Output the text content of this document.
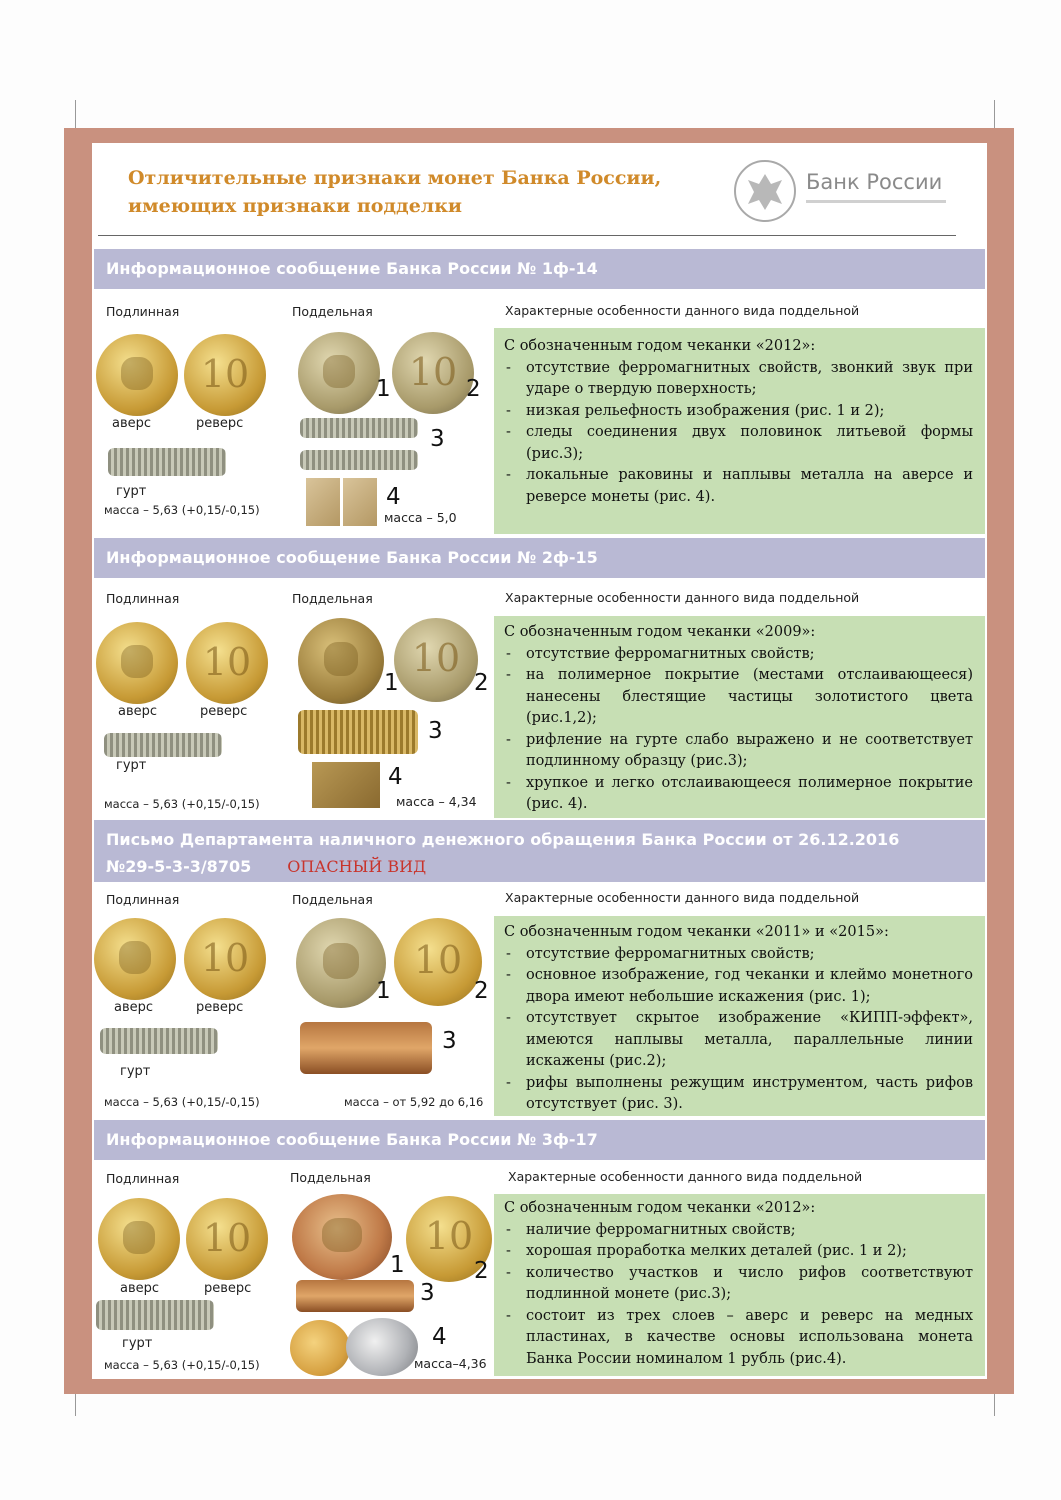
Отличительные признаки монет Банка России,
имеющих признаки подделки
Банк России
Информационное сообщение Банка России № 1ф-14
Подлинная	Поддельная	Характерные особенности данного вида поддельной
10
аверс	реверс
гурт
масса – 5,63 (+0,15/-0,15)
10
1	2
3
4
масса – 5,0
С обозначенным годом чеканки «2012»:
- отсутствие ферромагнитных свойств, звонкий звук при ударе о твердую поверхность;
- низкая рельефность изображения (рис. 1 и 2);
- следы соединения двух половинок литьевой формы (рис.3);
- локальные раковины и наплывы металла на аверсе и реверсе монеты (рис. 4).
Информационное сообщение Банка России № 2ф-15
Подлинная	Поддельная	Характерные особенности данного вида поддельной
10
аверс	реверс
гурт
масса – 5,63 (+0,15/-0,15)
10
1	2
3
4
масса – 4,34
С обозначенным годом чеканки «2009»:
- отсутствие ферромагнитных свойств;
- на полимерное покрытие (местами отслаивающееся) нанесены блестящие частицы золотистого цвета (рис.1,2);
- рифление на гурте слабо выражено и не соответствует подлинному образцу (рис.3);
- хрупкое и легко отслаивающееся полимерное покрытие (рис. 4).
Письмо Департамента наличного денежного обращения Банка России от 26.12.2016
№29-5-3-3/8705 ОПАСНЫЙ ВИД
Подлинная	Поддельная	Характерные особенности данного вида поддельной
10
аверс	реверс
гурт
масса – 5,63 (+0,15/-0,15)
10
1	2
3
масса – от 5,92 до 6,16
С обозначенным годом чеканки «2011» и «2015»:
- отсутствие ферромагнитных свойств;
- основное изображение, год чеканки и клеймо монетного двора имеют небольшие искажения (рис. 1);
- отсутствует скрытое изображение «КИПП-эффект», имеются наплывы металла, параллельные линии искажены (рис.2);
- рифы выполнены режущим инструментом, часть рифов отсутствует (рис. 3).
Информационное сообщение Банка России № 3ф-17
Подлинная	Поддельная	Характерные особенности данного вида поддельной
10
аверс	реверс
гурт
масса – 5,63 (+0,15/-0,15)
10
1	2
3
4
масса–4,36
С обозначенным годом чеканки «2012»:
- наличие ферромагнитных свойств;
- хорошая проработка мелких деталей (рис. 1 и 2);
- количество участков и число рифов соответствуют подлинной монете (рис.3);
- состоит из трех слоев – аверс и реверс на медных пластинах, в качестве основы использована монета Банка России номиналом 1 рубль (рис.4).
